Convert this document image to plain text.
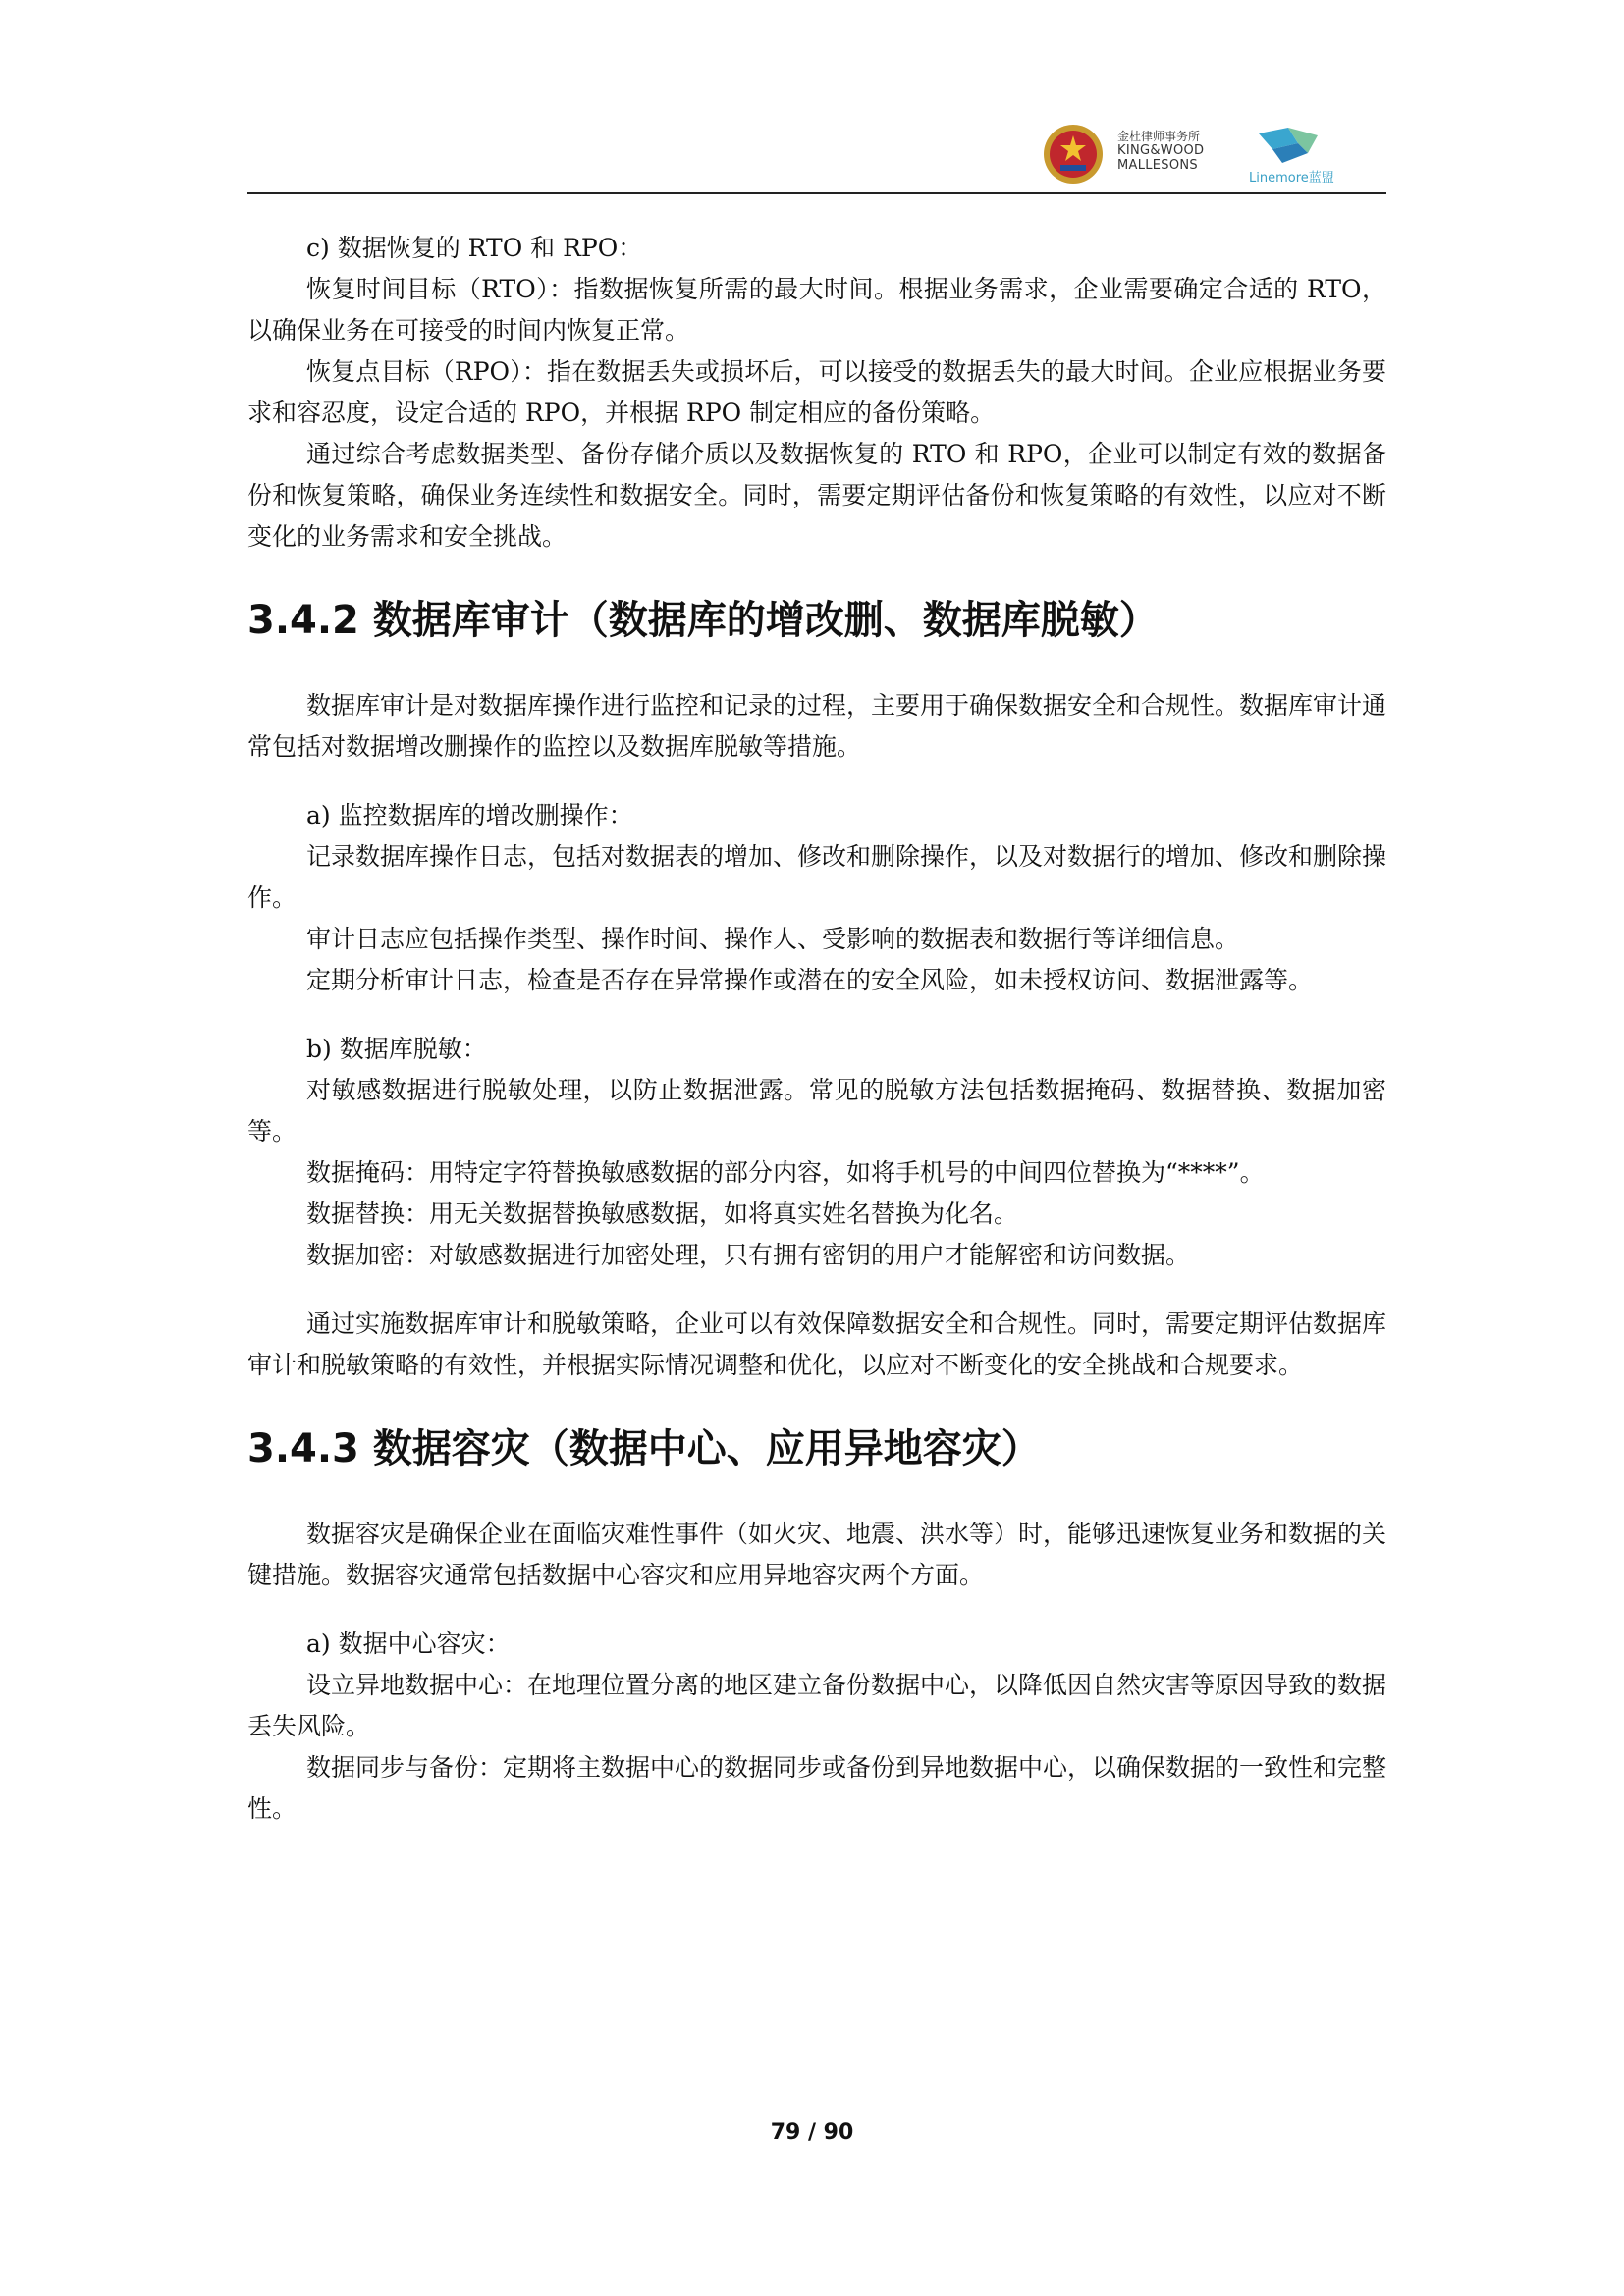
金杜律师事务所
KING&WOOD
MALLESONS
Linemore蓝盟

c) 数据恢复的 RTO 和 RPO：

恢复时间目标（RTO）：指数据恢复所需的最大时间。根据业务需求，企业需要确定合适的 RTO，以确保业务在可接受的时间内恢复正常。

恢复点目标（RPO）：指在数据丢失或损坏后，可以接受的数据丢失的最大时间。企业应根据业务要求和容忍度，设定合适的 RPO，并根据 RPO 制定相应的备份策略。

通过综合考虑数据类型、备份存储介质以及数据恢复的 RTO 和 RPO，企业可以制定有效的数据备份和恢复策略，确保业务连续性和数据安全。同时，需要定期评估备份和恢复策略的有效性，以应对不断变化的业务需求和安全挑战。

3.4.2 数据库审计（数据库的增改删、数据库脱敏）

数据库审计是对数据库操作进行监控和记录的过程，主要用于确保数据安全和合规性。数据库审计通常包括对数据增改删操作的监控以及数据库脱敏等措施。

a) 监控数据库的增改删操作：

记录数据库操作日志，包括对数据表的增加、修改和删除操作，以及对数据行的增加、修改和删除操作。

审计日志应包括操作类型、操作时间、操作人、受影响的数据表和数据行等详细信息。

定期分析审计日志，检查是否存在异常操作或潜在的安全风险，如未授权访问、数据泄露等。

b) 数据库脱敏：

对敏感数据进行脱敏处理，以防止数据泄露。常见的脱敏方法包括数据掩码、数据替换、数据加密等。

数据掩码：用特定字符替换敏感数据的部分内容，如将手机号的中间四位替换为“****”。

数据替换：用无关数据替换敏感数据，如将真实姓名替换为化名。

数据加密：对敏感数据进行加密处理，只有拥有密钥的用户才能解密和访问数据。

通过实施数据库审计和脱敏策略，企业可以有效保障数据安全和合规性。同时，需要定期评估数据库审计和脱敏策略的有效性，并根据实际情况调整和优化，以应对不断变化的安全挑战和合规要求。

3.4.3 数据容灾（数据中心、应用异地容灾）

数据容灾是确保企业在面临灾难性事件（如火灾、地震、洪水等）时，能够迅速恢复业务和数据的关键措施。数据容灾通常包括数据中心容灾和应用异地容灾两个方面。

a) 数据中心容灾：

设立异地数据中心：在地理位置分离的地区建立备份数据中心，以降低因自然灾害等原因导致的数据丢失风险。

数据同步与备份：定期将主数据中心的数据同步或备份到异地数据中心，以确保数据的一致性和完整性。

79 / 90
